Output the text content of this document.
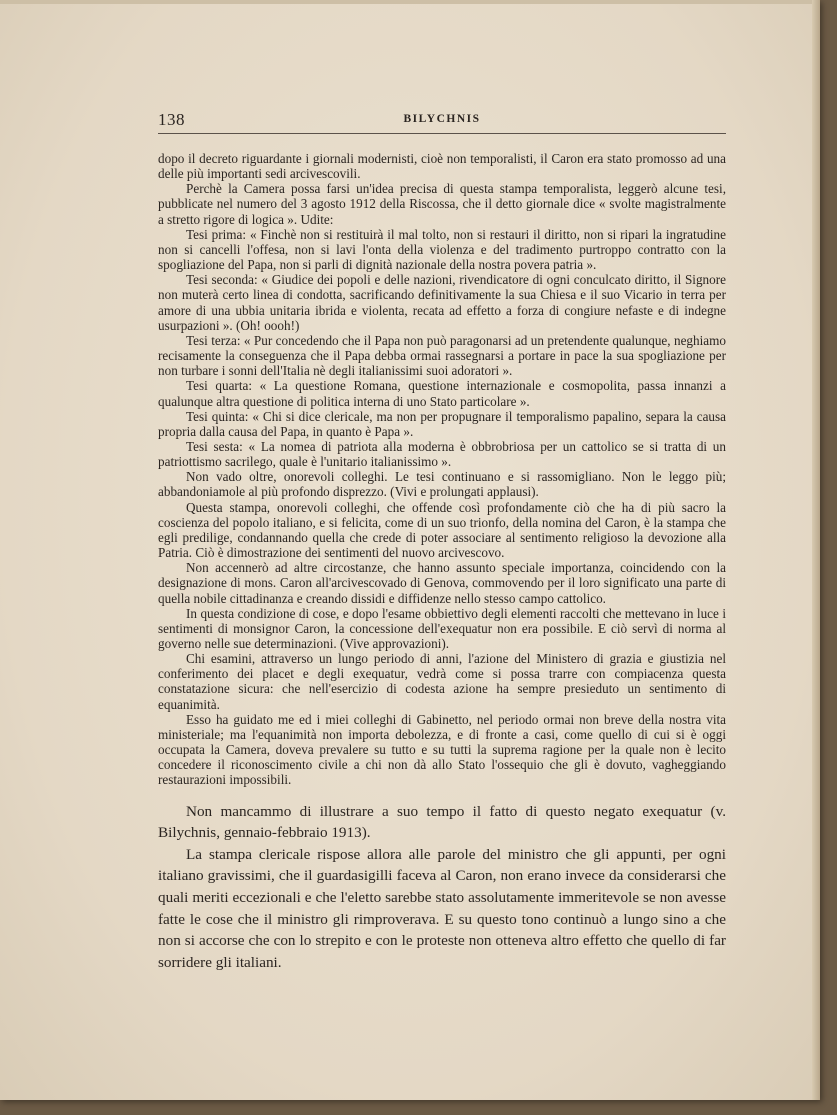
138	BILYCHNIS

dopo il decreto riguardante i giornali modernisti, cioè non temporalisti, il Caron era stato promosso ad una delle più importanti sedi arcivescovili.

Perchè la Camera possa farsi un'idea precisa di questa stampa temporalista, leggerò alcune tesi, pubblicate nel numero del 3 agosto 1912 della Riscossa, che il detto giornale dice « svolte magistralmente a stretto rigore di logica ». Udite:

Tesi prima: « Finchè non si restituirà il mal tolto, non si restauri il diritto, non si ripari la ingratudine non si cancelli l'offesa, non si lavi l'onta della violenza e del tradimento purtroppo contratto con la spogliazione del Papa, non si parli di dignità nazionale della nostra povera patria ».

Tesi seconda: « Giudice dei popoli e delle nazioni, rivendicatore di ogni conculcato diritto, il Signore non muterà certo linea di condotta, sacrificando definitivamente la sua Chiesa e il suo Vicario in terra per amore di una ubbia unitaria ibrida e violenta, recata ad effetto a forza di congiure nefaste e di indegne usurpazioni ». (Oh! oooh!)

Tesi terza: « Pur concedendo che il Papa non può paragonarsi ad un pretendente qualunque, neghiamo recisamente la conseguenza che il Papa debba ormai rassegnarsi a portare in pace la sua spogliazione per non turbare i sonni dell'Italia nè degli italianissimi suoi adoratori ».

Tesi quarta: « La questione Romana, questione internazionale e cosmopolita, passa innanzi a qualunque altra questione di politica interna di uno Stato particolare ».

Tesi quinta: « Chi si dice clericale, ma non per propugnare il temporalismo papalino, separa la causa propria dalla causa del Papa, in quanto è Papa ».

Tesi sesta: « La nomea di patriota alla moderna è obbrobriosa per un cattolico se si tratta di un patriottismo sacrilego, quale è l'unitario italianissimo ».

Non vado oltre, onorevoli colleghi. Le tesi continuano e si rassomigliano. Non le leggo più; abbandoniamole al più profondo disprezzo. (Vivi e prolungati applausi).

Questa stampa, onorevoli colleghi, che offende così profondamente ciò che ha di più sacro la coscienza del popolo italiano, e si felicita, come di un suo trionfo, della nomina del Caron, è la stampa che egli predilige, condannando quella che crede di poter associare al sentimento religioso la devozione alla Patria. Ciò è dimostrazione dei sentimenti del nuovo arcivescovo.

Non accennerò ad altre circostanze, che hanno assunto speciale importanza, coincidendo con la designazione di mons. Caron all'arcivescovado di Genova, commovendo per il loro significato una parte di quella nobile cittadinanza e creando dissidi e diffidenze nello stesso campo cattolico.

In questa condizione di cose, e dopo l'esame obbiettivo degli elementi raccolti che mettevano in luce i sentimenti di monsignor Caron, la concessione dell'exequatur non era possibile. E ciò servì di norma al governo nelle sue determinazioni. (Vive approvazioni).

Chi esamini, attraverso un lungo periodo di anni, l'azione del Ministero di grazia e giustizia nel conferimento dei placet e degli exequatur, vedrà come si possa trarre con compiacenza questa constatazione sicura: che nell'esercizio di codesta azione ha sempre presieduto un sentimento di equanimità.

Esso ha guidato me ed i miei colleghi di Gabinetto, nel periodo ormai non breve della nostra vita ministeriale; ma l'equanimità non importa debolezza, e di fronte a casi, come quello di cui si è oggi occupata la Camera, doveva prevalere su tutto e su tutti la suprema ragione per la quale non è lecito concedere il riconoscimento civile a chi non dà allo Stato l'ossequio che gli è dovuto, vagheggiando restaurazioni impossibili.

Non mancammo di illustrare a suo tempo il fatto di questo negato exequatur (v. Bilychnis, gennaio-febbraio 1913).

La stampa clericale rispose allora alle parole del ministro che gli appunti, per ogni italiano gravissimi, che il guardasigilli faceva al Caron, non erano invece da considerarsi che quali meriti eccezionali e che l'eletto sarebbe stato assolutamente immeritevole se non avesse fatte le cose che il ministro gli rimproverava. E su questo tono continuò a lungo sino a che non si accorse che con lo strepito e con le proteste non otteneva altro effetto che quello di far sorridere gli italiani.
